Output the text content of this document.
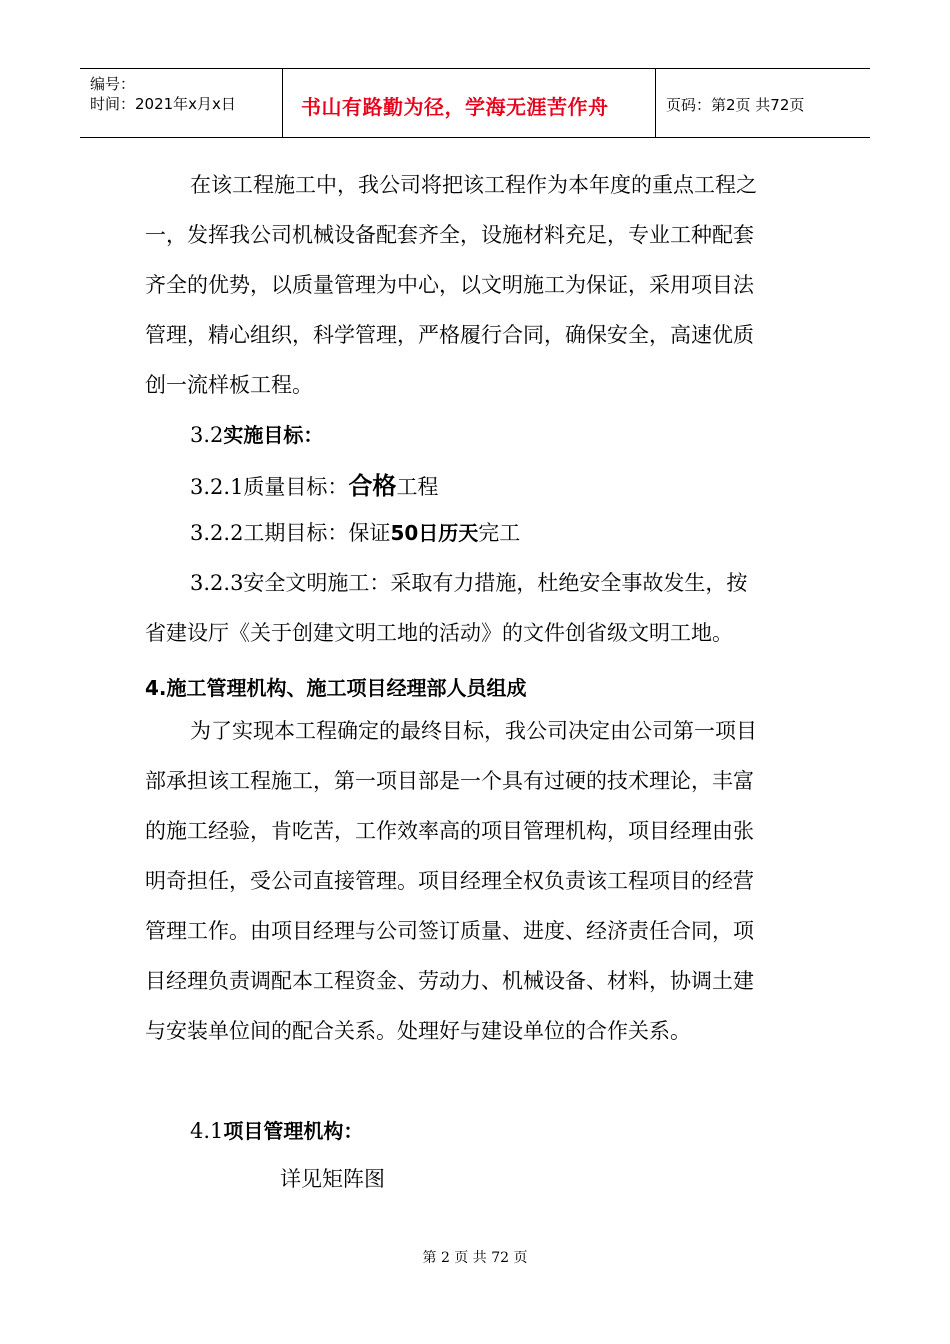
编号：
时间：2021年x月x日	书山有路勤为径，学海无涯苦作舟	页码：第2页 共72页
在该工程施工中，我公司将把该工程作为本年度的重点工程之
一，发挥我公司机械设备配套齐全，设施材料充足，专业工种配套
齐全的优势，以质量管理为中心，以文明施工为保证，采用项目法
管理，精心组织，科学管理，严格履行合同，确保安全，高速优质
创一流样板工程。
3.2实施目标：
3.2.1质量目标：合格工程
3.2.2工期目标：保证50日历天完工
3.2.3安全文明施工：采取有力措施，杜绝安全事故发生，按
省建设厅《关于创建文明工地的活动》的文件创省级文明工地。
4.施工管理机构、施工项目经理部人员组成
为了实现本工程确定的最终目标，我公司决定由公司第一项目
部承担该工程施工，第一项目部是一个具有过硬的技术理论，丰富
的施工经验，肯吃苦，工作效率高的项目管理机构，项目经理由张
明奇担任，受公司直接管理。项目经理全权负责该工程项目的经营
管理工作。由项目经理与公司签订质量、进度、经济责任合同，项
目经理负责调配本工程资金、劳动力、机械设备、材料，协调土建
与安装单位间的配合关系。处理好与建设单位的合作关系。
4.1项目管理机构：
详见矩阵图
第 2 页 共 72 页
